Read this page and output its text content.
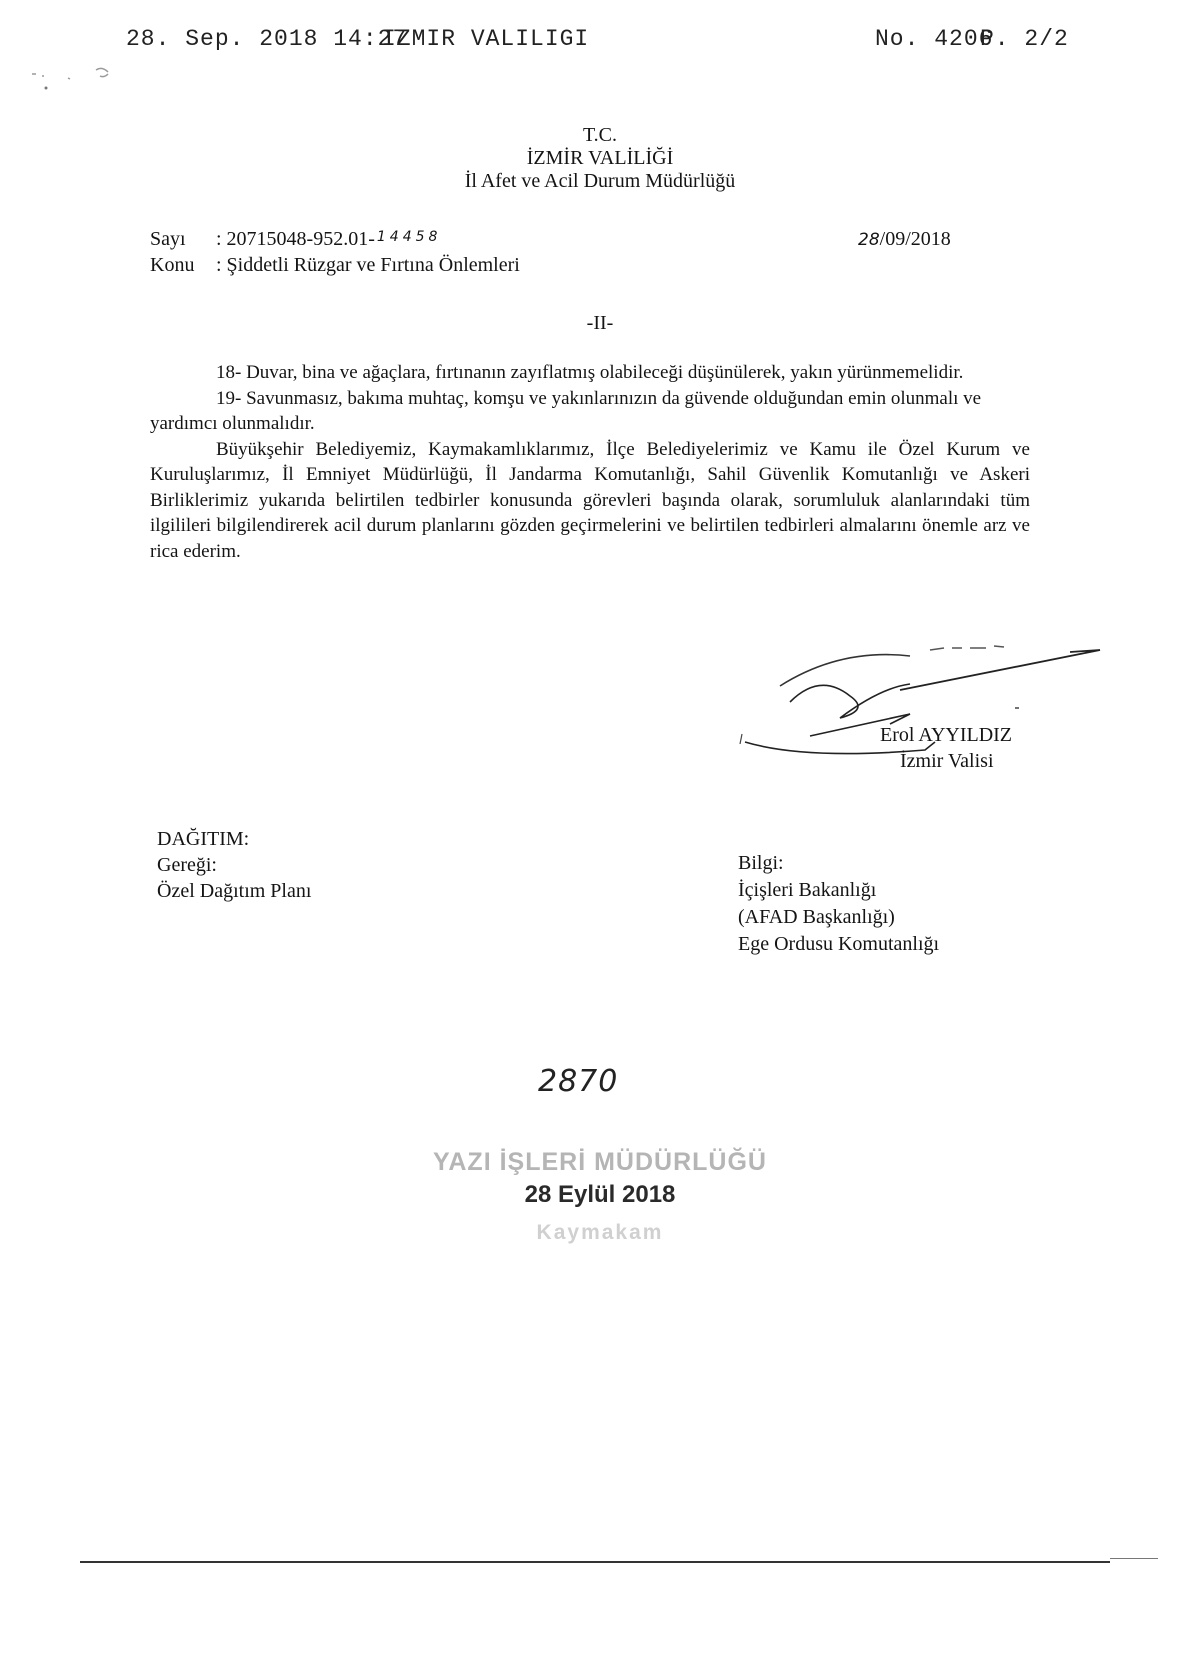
28. Sep. 2018 14:27
IZMIR VALILIGI	No. 4206
P. 2/2
T.C.
İZMİR VALİLİĞİ
İl Afet ve Acil Durum Müdürlüğü
Sayı : 20715048-952.01- $^{14458}$	28/09/2018
Konu : Şiddetli Rüzgar ve Fırtına Önlemleri
-II-

18- Duvar, bina ve ağaçlara, fırtınanın zayıflatmış olabileceği düşünülerek, yakın yürünmemelidir.

19- Savunmasız, bakıma muhtaç, komşu ve yakınlarınızın da güvende olduğundan emin olunmalı ve yardımcı olunmalıdır.

Büyükşehir Belediyemiz, Kaymakamlıklarımız, İlçe Belediyelerimiz ve Kamu ile Özel Kurum ve Kuruluşlarımız, İl Emniyet Müdürlüğü, İl Jandarma Komutanlığı, Sahil Güvenlik Komutanlığı ve Askeri Birliklerimiz yukarıda belirtilen tedbirler konusunda görevleri başında olarak, sorumluluk alanlarındaki tüm ilgilileri bilgilendirerek acil durum planlarını gözden geçirmelerini ve belirtilen tedbirleri almalarını önemle arz ve rica ederim.

Erol AYYILDIZ
İzmir Valisi
DAĞITIM:
Gereği:
Özel Dağıtım Planı
Bilgi:
İçişleri Bakanlığı
(AFAD Başkanlığı)
Ege Ordusu Komutanlığı
2870
YAZI İŞLERİ MÜDÜRLÜĞÜ
28 Eylül 2018
Kaymakam
